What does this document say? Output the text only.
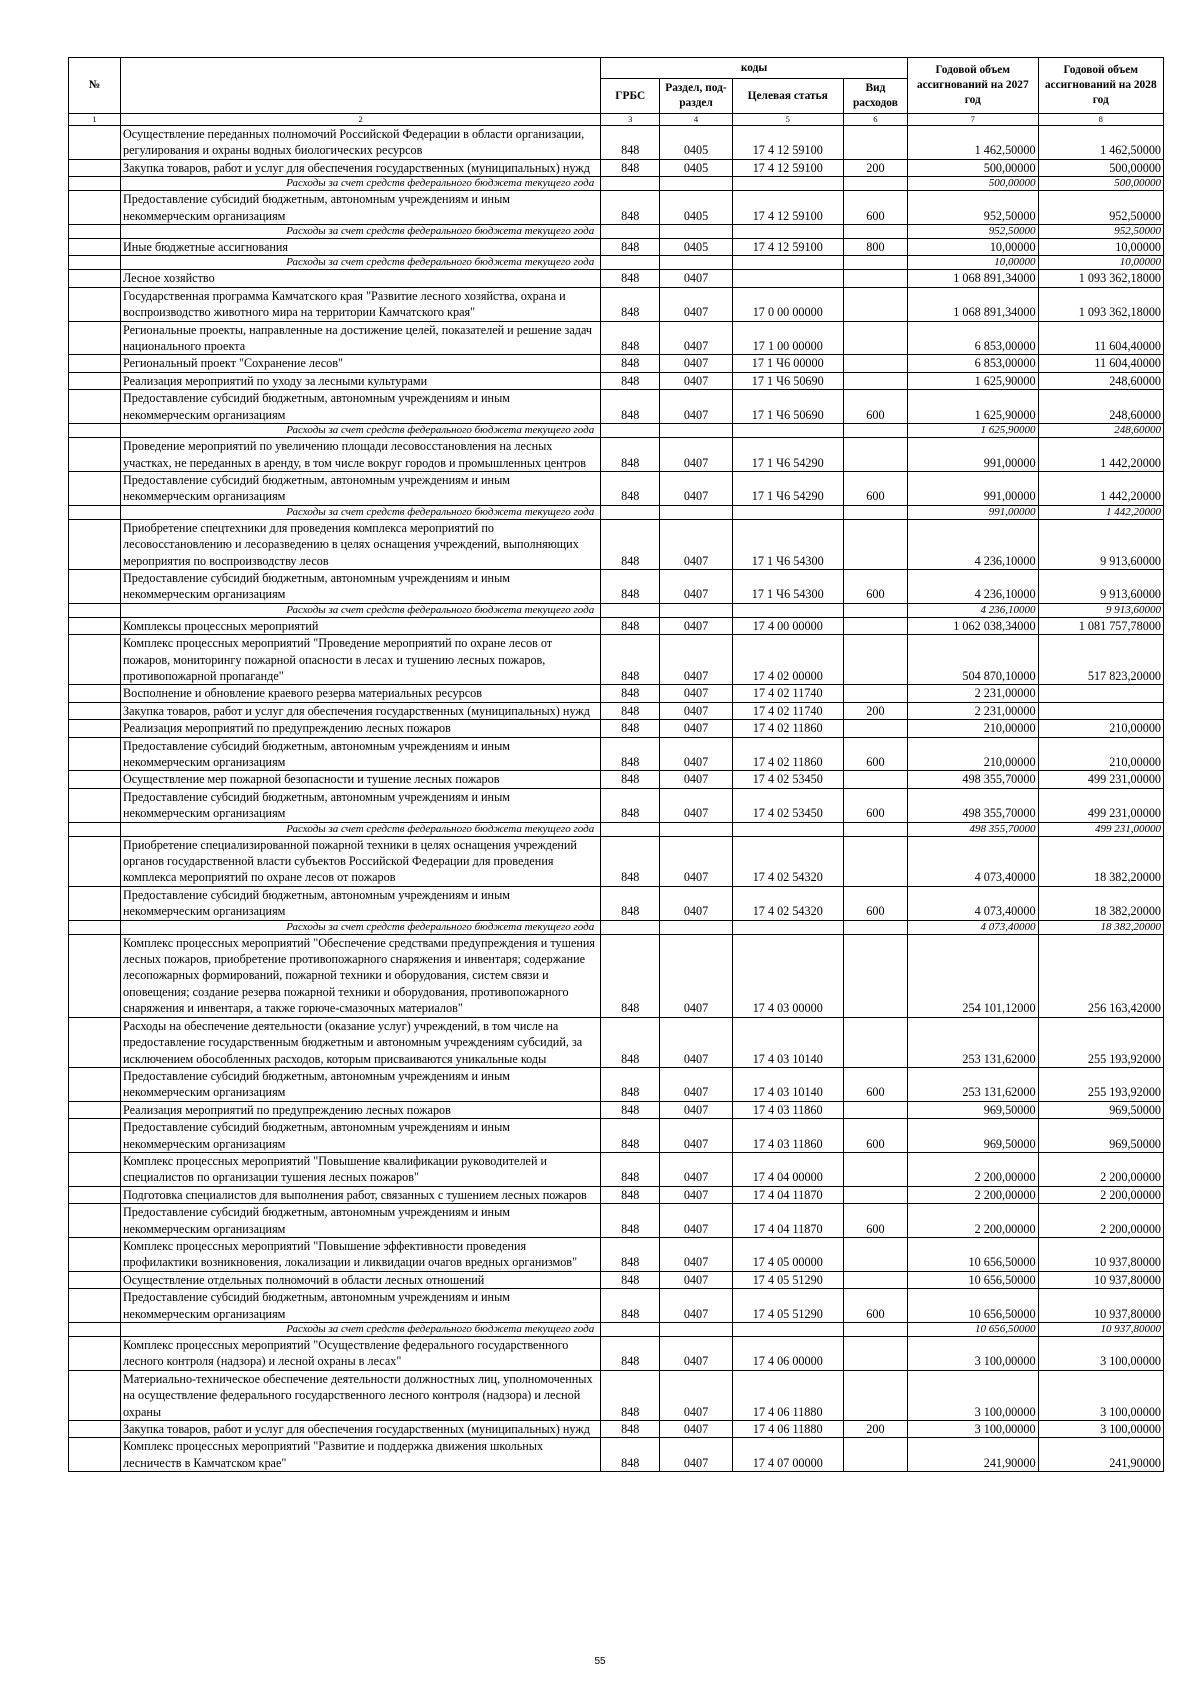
№		коды				Годовой объем ассигнований на 2027 год	Годовой объем ассигнований на 2028 год
		ГРБС	Раздел, под-раздел	Целевая статья	Вид расходов		
1	2	3	4	5	6	7	8
	Осуществление переданных полномочий Российской Федерации в области организации, регулирования и охраны водных биологических ресурсов	848	0405	17 4 12 59100		1 462,50000	1 462,50000
	Закупка товаров, работ и услуг для обеспечения государственных (муниципальных) нужд	848	0405	17 4 12 59100	200	500,00000	500,00000
	Расходы за счет средств федерального бюджета текущего года					500,00000	500,00000
	Предоставление субсидий бюджетным, автономным учреждениям и иным некоммерческим организациям	848	0405	17 4 12 59100	600	952,50000	952,50000
	Расходы за счет средств федерального бюджета текущего года					952,50000	952,50000
	Иные бюджетные ассигнования	848	0405	17 4 12 59100	800	10,00000	10,00000
	Расходы за счет средств федерального бюджета текущего года					10,00000	10,00000
	Лесное хозяйство	848	0407			1 068 891,34000	1 093 362,18000
	Государственная программа Камчатского края "Развитие лесного хозяйства, охрана и воспроизводство животного мира на территории Камчатского края"	848	0407	17 0 00 00000		1 068 891,34000	1 093 362,18000
	Региональные проекты, направленные на достижение целей, показателей и решение задач национального проекта	848	0407	17 1 00 00000		6 853,00000	11 604,40000
	Региональный проект "Сохранение лесов"	848	0407	17 1 Ч6 00000		6 853,00000	11 604,40000
	Реализация мероприятий по уходу за лесными культурами	848	0407	17 1 Ч6 50690		1 625,90000	248,60000
	Предоставление субсидий бюджетным, автономным учреждениям и иным некоммерческим организациям	848	0407	17 1 Ч6 50690	600	1 625,90000	248,60000
	Расходы за счет средств федерального бюджета текущего года					1 625,90000	248,60000
	Проведение мероприятий по увеличению площади лесовосстановления на лесных участках, не переданных в аренду, в том числе вокруг городов и промышленных центров	848	0407	17 1 Ч6 54290		991,00000	1 442,20000
	Предоставление субсидий бюджетным, автономным учреждениям и иным некоммерческим организациям	848	0407	17 1 Ч6 54290	600	991,00000	1 442,20000
	Расходы за счет средств федерального бюджета текущего года					991,00000	1 442,20000
	Приобретение спецтехники для проведения комплекса мероприятий по лесовосстановлению и лесоразведению в целях оснащения учреждений, выполняющих мероприятия по воспроизводству лесов	848	0407	17 1 Ч6 54300		4 236,10000	9 913,60000
	Предоставление субсидий бюджетным, автономным учреждениям и иным некоммерческим организациям	848	0407	17 1 Ч6 54300	600	4 236,10000	9 913,60000
	Расходы за счет средств федерального бюджета текущего года					4 236,10000	9 913,60000
	Комплексы процессных мероприятий	848	0407	17 4 00 00000		1 062 038,34000	1 081 757,78000
	Комплекс процессных мероприятий "Проведение мероприятий по охране лесов от пожаров, мониторингу пожарной опасности в лесах и тушению лесных пожаров, противопожарной пропаганде"	848	0407	17 4 02 00000		504 870,10000	517 823,20000
	Восполнение и обновление краевого резерва материальных ресурсов	848	0407	17 4 02 11740		2 231,00000	
	Закупка товаров, работ и услуг для обеспечения государственных (муниципальных) нужд	848	0407	17 4 02 11740	200	2 231,00000	
	Реализация мероприятий по предупреждению лесных пожаров	848	0407	17 4 02 11860		210,00000	210,00000
	Предоставление субсидий бюджетным, автономным учреждениям и иным некоммерческим организациям	848	0407	17 4 02 11860	600	210,00000	210,00000
	Осуществление мер пожарной безопасности и тушение лесных пожаров	848	0407	17 4 02 53450		498 355,70000	499 231,00000
	Предоставление субсидий бюджетным, автономным учреждениям и иным некоммерческим организациям	848	0407	17 4 02 53450	600	498 355,70000	499 231,00000
	Расходы за счет средств федерального бюджета текущего года					498 355,70000	499 231,00000
	Приобретение специализированной пожарной техники в целях оснащения учреждений органов государственной власти субъектов Российской Федерации для проведения комплекса мероприятий по охране лесов от пожаров	848	0407	17 4 02 54320		4 073,40000	18 382,20000
	Предоставление субсидий бюджетным, автономным учреждениям и иным некоммерческим организациям	848	0407	17 4 02 54320	600	4 073,40000	18 382,20000
	Расходы за счет средств федерального бюджета текущего года					4 073,40000	18 382,20000
	Комплекс процессных мероприятий "Обеспечение средствами предупреждения и тушения лесных пожаров, приобретение противопожарного снаряжения и инвентаря; содержание лесопожарных формирований, пожарной техники и оборудования, систем связи и оповещения; создание резерва пожарной техники и оборудования, противопожарного снаряжения и инвентаря, а также горюче-смазочных материалов"	848	0407	17 4 03 00000		254 101,12000	256 163,42000
	Расходы на обеспечение деятельности (оказание услуг) учреждений, в том числе на предоставление государственным бюджетным и автономным учреждениям субсидий, за исключением обособленных расходов, которым присваиваются уникальные коды	848	0407	17 4 03 10140		253 131,62000	255 193,92000
	Предоставление субсидий бюджетным, автономным учреждениям и иным некоммерческим организациям	848	0407	17 4 03 10140	600	253 131,62000	255 193,92000
	Реализация мероприятий по предупреждению лесных пожаров	848	0407	17 4 03 11860		969,50000	969,50000
	Предоставление субсидий бюджетным, автономным учреждениям и иным некоммерческим организациям	848	0407	17 4 03 11860	600	969,50000	969,50000
	Комплекс процессных мероприятий "Повышение квалификации руководителей и специалистов по организации тушения лесных пожаров"	848	0407	17 4 04 00000		2 200,00000	2 200,00000
	Подготовка специалистов для выполнения работ, связанных с тушением лесных пожаров	848	0407	17 4 04 11870		2 200,00000	2 200,00000
	Предоставление субсидий бюджетным, автономным учреждениям и иным некоммерческим организациям	848	0407	17 4 04 11870	600	2 200,00000	2 200,00000
	Комплекс процессных мероприятий "Повышение эффективности проведения профилактики возникновения, локализации и ликвидации очагов вредных организмов"	848	0407	17 4 05 00000		10 656,50000	10 937,80000
	Осуществление отдельных полномочий в области лесных отношений	848	0407	17 4 05 51290		10 656,50000	10 937,80000
	Предоставление субсидий бюджетным, автономным учреждениям и иным некоммерческим организациям	848	0407	17 4 05 51290	600	10 656,50000	10 937,80000
	Расходы за счет средств федерального бюджета текущего года					10 656,50000	10 937,80000
	Комплекс процессных мероприятий "Осуществление федерального государственного лесного контроля (надзора) и лесной охраны в лесах"	848	0407	17 4 06 00000		3 100,00000	3 100,00000
	Материально-техническое обеспечение деятельности должностных лиц, уполномоченных на осуществление федерального государственного лесного контроля (надзора) и лесной охраны	848	0407	17 4 06 11880		3 100,00000	3 100,00000
	Закупка товаров, работ и услуг для обеспечения государственных (муниципальных) нужд	848	0407	17 4 06 11880	200	3 100,00000	3 100,00000
	Комплекс процессных мероприятий "Развитие и поддержка движения школьных лесничеств в Камчатском крае"	848	0407	17 4 07 00000		241,90000	241,90000
55
